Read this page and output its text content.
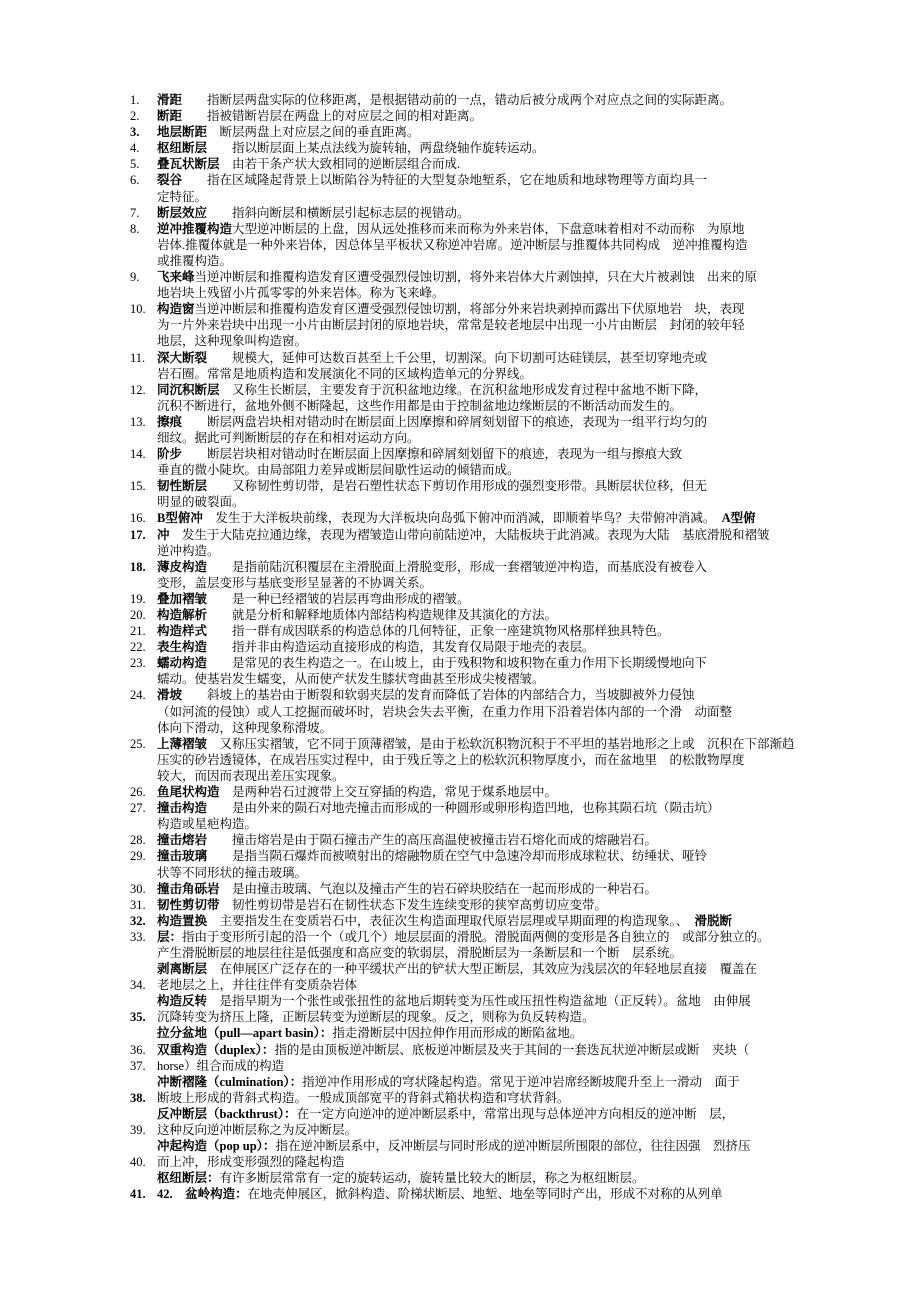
1.	滑距　　指断层两盘实际的位移距离，是根据错动前的一点，错动后被分成两个对应点之间的实际距离。
2.	断距　　指被错断岩层在两盘上的对应层之间的相对距离。
3.	地层断距　断层两盘上对应层之间的垂直距离。
4.	枢纽断层　　指以断层面上某点法线为旋转轴，两盘绕轴作旋转运动。
5.	叠瓦状断层　由若干条产状大致相同的逆断层组合而成.
6.	裂谷　　指在区域隆起背景上以断陷谷为特征的大型复杂地堑系，它在地质和地球物理等方面均具一
定特征。
7.	断层效应　　指斜向断层和横断层引起标志层的视错动。
8.	逆冲推覆构造大型逆冲断层的上盘，因从远处推移而来而称为外来岩体，下盘意味着相对不动而称　为原地
岩体.推覆体就是一种外来岩体，因总体呈平板状又称逆冲岩席。逆冲断层与推覆体共同构成　逆冲推覆构造
或推覆构造。
9.	飞来峰当逆冲断层和推覆构造发育区遭受强烈侵蚀切割，将外来岩体大片剥蚀掉，只在大片被剥蚀　出来的原
地岩块上残留小片孤零零的外来岩体。称为飞来峰。
10. 构造窗当逆冲断层和推覆构造发育区遭受强烈侵蚀切割，将部分外来岩块剥掉而露出下伏原地岩　块，表现
为一片外来岩块中出现一小片由断层封闭的原地岩块，常常是较老地层中出现一小片由断层　封闭的较年轻
地层，这种现象叫构造窗。
11. 深大断裂　　规模大，延伸可达数百甚至上千公里，切割深。向下切割可达硅镁层，甚至切穿地壳或
岩石圈。常常是地质构造和发展演化不同的区域构造单元的分界线。
12. 同沉积断层　又称生长断层，主要发育于沉积盆地边缘。在沉积盆地形成发育过程中盆地不断下降，
沉积不断进行，盆地外侧不断隆起，这些作用都是由于控制盆地边缘断层的不断活动而发生的。
13. 擦痕　　断层两盘岩块相对错动时在断层面上因摩擦和碎屑刻划留下的痕迹，表现为一组平行均匀的
细纹。据此可判断断层的存在和相对运动方向。
14. 阶步　　断层岩块相对错动时在断层面上因摩擦和碎屑刻划留下的痕迹，表现为一组与擦痕大致
垂直的微小陡坎。由局部阻力差异或断层间歇性运动的倾错而成。
15. 韧性断层　　又称韧性剪切带，是岩石塑性状态下剪切作用形成的强烈变形带。具断层状位移，但无
明显的破裂面。
16. B型俯冲　发生于大洋板块前缘，表现为大洋板块向岛弧下俯冲而消减，即顺着毕鸟？夫带俯冲消减。　A型俯
17. 冲　发生于大陆克拉通边缘，表现为褶皱造山带向前陆逆冲，大陆板块于此消减。表现为大陆　基底滑脱和褶皱
逆冲构造。
18. 薄皮构造　　是指前陆沉积覆层在主滑脱面上滑脱变形，形成一套褶皱逆冲构造，而基底没有被卷入
变形，盖层变形与基底变形呈显著的不协调关系。
19. 叠加褶皱　　是一种已经褶皱的岩层再弯曲形成的褶皱。
20. 构造解析　　就是分析和解释地质体内部结构构造规律及其演化的方法。
21. 构造样式　　指一群有成因联系的构造总体的几何特征，正象一座建筑物风格那样独具特色。
22. 表生构造　　指并非由构造运动直接形成的构造，其发育仅局限于地壳的表层。
23. 蠕动构造　　是常见的表生构造之一。在山坡上，由于残积物和坡积物在重力作用下长期缓慢地向下
蠕动。使基岩发生蠕变，从而使产状发生膝状弯曲甚至形成尖棱褶皱。
24. 滑坡　　斜坡上的基岩由于断裂和软弱夹层的发育而降低了岩体的内部结合力，当坡脚被外力侵蚀
（如河流的侵蚀）或人工挖掘而破坏时，岩块会失去平衡，在重力作用下沿着岩体内部的一个滑　动面整
体向下滑动，这种现象称滑坡。
25. 上薄褶皱　又称压实褶皱，它不同于顶薄褶皱，是由于松软沉积物沉积于不平坦的基岩地形之上或　沉积在下部渐趋
压实的砂岩透镜体，在成岩压实过程中，由于残丘等之上的松软沉积物厚度小，而在盆地里　的松散物厚度
较大，而因而表现出差压实现象。
26. 鱼尾状构造　是两种岩石过渡带上交互穿插的构造，常见于煤系地层中。
27. 撞击构造　　是由外来的陨石对地壳撞击而形成的一种圆形或卵形构造凹地，也称其陨石坑（陨击坑）
构造或星疤构造。
28. 撞击熔岩　　撞击熔岩是由于陨石撞击产生的高压高温使被撞击岩石熔化而成的熔融岩石。
29. 撞击玻璃　　是指当陨石爆炸而被喷射出的熔融物质在空气中急速冷却而形成球粒状、纺缍状、哑铃
状等不同形状的撞击玻璃。
30. 撞击角砾岩　是由撞击玻璃、气泡以及撞击产生的岩石碎块胶结在一起而形成的一种岩石。
31. 韧性剪切带　韧性剪切带是岩石在韧性状态下发生连续变形的狭窄高剪切应变带。
32. 构造置换　主要指发生在变质岩石中，表征次生构造面理取代原岩层理或早期面理的构造现象。、　滑脱断
33. 层：指由于变形所引起的沿一个（或几个）地层层面的滑脱。滑脱面两侧的变形是各自独立的　或部分独立的。
产生滑脱断层的地层往往是低强度和高应变的软弱层，滑脱断层为一条断层和一个断　层系统。
剥离断层　在伸展区广泛存在的一种平缓状产出的铲状大型正断层，其效应为浅层次的年轻地层直接　覆盖在
34. 老地层之上，并往往伴有变质杂岩体
构造反转　是指早期为一个张性或张扭性的盆地后期转变为压性或压扭性构造盆地（正反转）。盆地　由伸展
35. 沉降转变为挤压上隆，正断层转变为逆断层的现象。反之，则称为负反转构造。
拉分盆地（pull—apart basin）：指走滑断层中因拉伸作用而形成的断陷盆地。
36. 双重构造（duplex）：指的是由顶板逆冲断层、底板逆冲断层及夹于其间的一套迭瓦状逆冲断层或断　夹块（
37. horse）组合而成的构造
冲断褶隆（culmination）：指逆冲作用形成的穹状隆起构造。常见于逆冲岩席经断坡爬升至上一滑动　面于
38. 断坡上形成的背斜式构造。一般成顶部宽平的背斜式箱状构造和穹状背斜。
反冲断层（backthrust）：在一定方向逆冲的逆冲断层系中，常常出现与总体逆冲方向相反的逆冲断　层，
39. 这种反向逆冲断层称之为反冲断层。
冲起构造（pop up）：指在逆冲断层系中，反冲断层与同时形成的逆冲断层所围限的部位，往往因强　烈挤压
40. 而上冲，形成变形强烈的隆起构造
枢纽断层：有许多断层常常有一定的旋转运动，旋转量比较大的断层，称之为枢纽断层。
41. 42.　盆岭构造：在地壳伸展区，掀斜构造、阶梯状断层、地堑、地垒等同时产出，形成不对称的从列单
